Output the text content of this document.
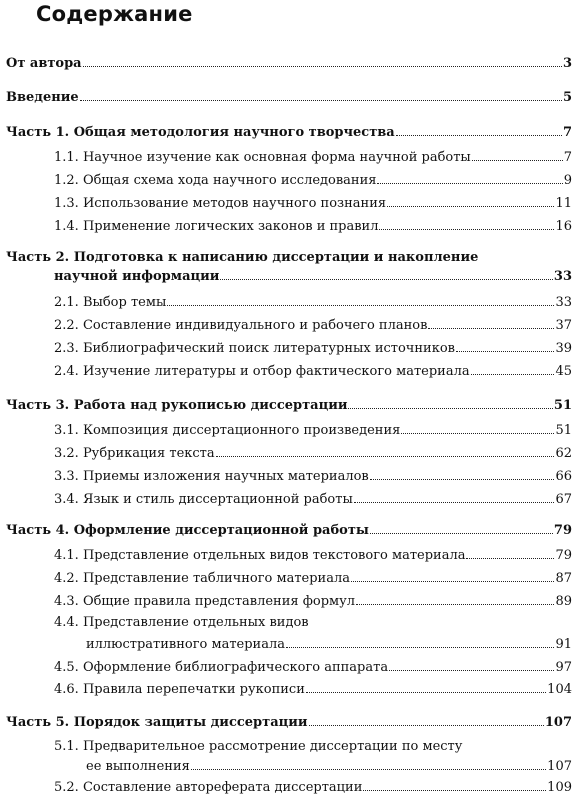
Содержание
От автора	3
Введение	5
Часть 1. Общая методология научного творчества	7
1.1. Научное изучение как основная форма научной работы	7
1.2. Общая схема хода научного исследования	9
1.3. Использование методов научного познания	11
1.4. Применение логических законов и правил	16
Часть 2. Подготовка к написанию диссертации и накопление
научной информации	33
2.1. Выбор темы	33
2.2. Составление индивидуального и рабочего планов	37
2.3. Библиографический поиск литературных источников	39
2.4. Изучение литературы и отбор фактического материала	45
Часть 3. Работа над рукописью диссертации	51
3.1. Композиция диссертационного произведения	51
3.2. Рубрикация текста	62
3.3. Приемы изложения научных материалов	66
3.4. Язык и стиль диссертационной работы	67
Часть 4. Оформление диссертационной работы	79
4.1. Представление отдельных видов текстового материала	79
4.2. Представление табличного материала	87
4.3. Общие правила представления формул	89
4.4. Представление отдельных видов
иллюстративного материала	91
4.5. Оформление библиографического аппарата	97
4.6. Правила перепечатки рукописи	104
Часть 5. Порядок защиты диссертации	107
5.1. Предварительное рассмотрение диссертации по месту
ее выполнения	107
5.2. Составление автореферата диссертации	109
